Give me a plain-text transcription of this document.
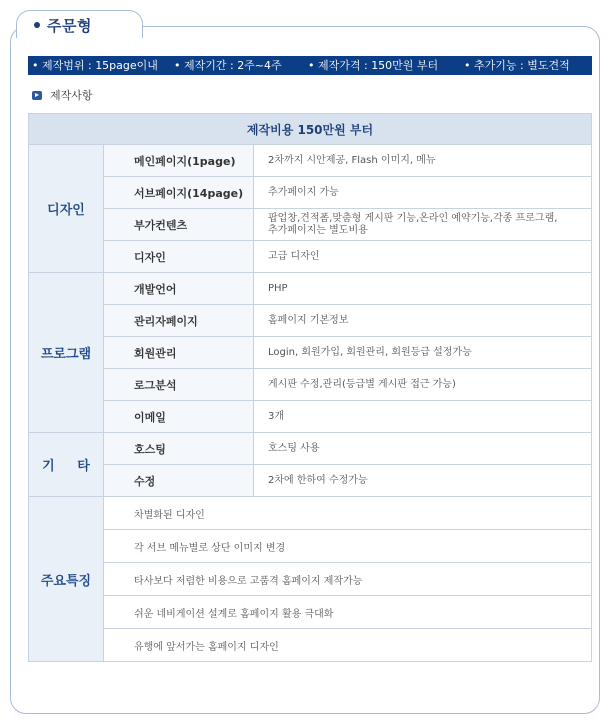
주문형
• 제작범위 : 15page이내 • 제작기간 : 2주~4주 • 제작가격 : 150만원 부터 • 추가기능 : 별도견적
제작사항
제작비용 150만원 부터		
디자인	메인페이지(1page)	2차까지 시안제공, Flash 이미지, 메뉴
	서브페이지(14page)	추가페이지 가능
	부가컨텐츠	팝업창,견적폼,맞춤형 게시판 기능,온라인 예약기능,각종 프로그램,
추가페이지는 별도비용

	디자인	고급 디자인
프로그램	개발언어	PHP
	관리자페이지	홈페이지 기본정보
	회원관리	Login, 회원가입, 회원관리, 회원등급 설정가능
	로그분석	게시판 수정,관리(등급별 게시판 접근 가능)
	이메일	3개
기     타	호스팅	호스팅 사용
	수정	2차에 한하여 수정가능
주요특징	차별화된 디자인	
	각 서브 메뉴별로 상단 이미지 변경	
	타사보다 저렴한 비용으로 고품격 홈페이지 제작가능	
	쉬운 네비게이션 설계로 홈페이지 활용 극대화	
	유행에 앞서가는 홈페이지 디자인	
